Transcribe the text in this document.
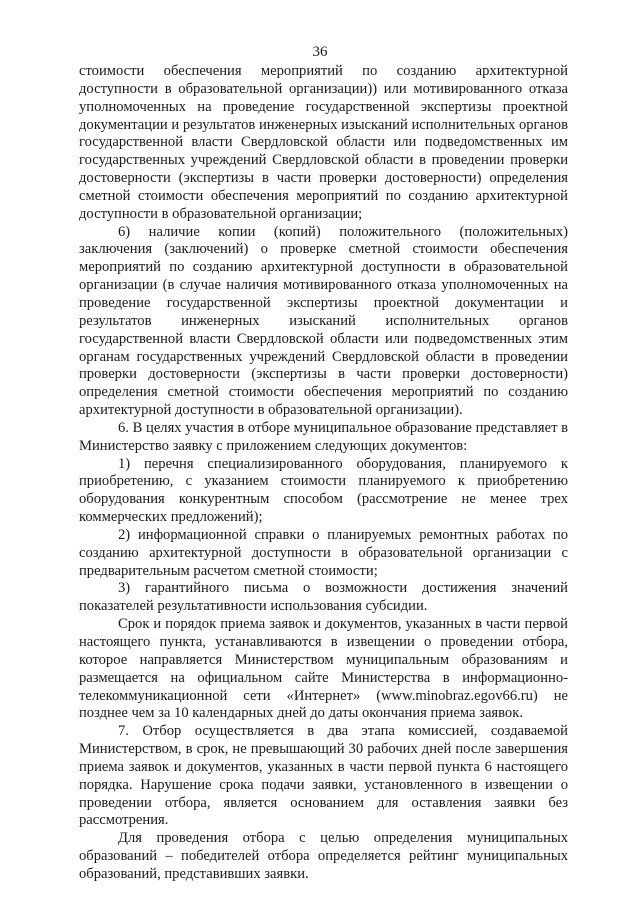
36

стоимости обеспечения мероприятий по созданию архитектурной доступности в образовательной организации)) или мотивированного отказа уполномоченных на проведение государственной экспертизы проектной документации и результатов инженерных изысканий исполнительных органов государственной власти Свердловской области или подведомственных им государственных учреждений Свердловской области в проведении проверки достоверности (экспертизы в части проверки достоверности) определения сметной стоимости обеспечения мероприятий по созданию архитектурной доступности в образовательной организации;

6) наличие копии (копий) положительного (положительных) заключения (заключений) о проверке сметной стоимости обеспечения мероприятий по созданию архитектурной доступности в образовательной организации (в случае наличия мотивированного отказа уполномоченных на проведение государственной экспертизы проектной документации и результатов инженерных изысканий исполнительных органов государственной власти Свердловской области или подведомственных этим органам государственных учреждений Свердловской области в проведении проверки достоверности (экспертизы в части проверки достоверности) определения сметной стоимости обеспечения мероприятий по созданию архитектурной доступности в образовательной организации).

6. В целях участия в отборе муниципальное образование представляет в Министерство заявку с приложением следующих документов:

1) перечня специализированного оборудования, планируемого к приобретению, с указанием стоимости планируемого к приобретению оборудования конкурентным способом (рассмотрение не менее трех коммерческих предложений);

2) информационной справки о планируемых ремонтных работах по созданию архитектурной доступности в образовательной организации с предварительным расчетом сметной стоимости;

3) гарантийного письма о возможности достижения значений показателей результативности использования субсидии.

Срок и порядок приема заявок и документов, указанных в части первой настоящего пункта, устанавливаются в извещении о проведении отбора, которое направляется Министерством муниципальным образованиям и размещается на официальном сайте Министерства в информационно-телекоммуникационной сети «Интернет» (www.minobraz.egov66.ru) не позднее чем за 10 календарных дней до даты окончания приема заявок.

7. Отбор осуществляется в два этапа комиссией, создаваемой Министерством, в срок, не превышающий 30 рабочих дней после завершения приема заявок и документов, указанных в части первой пункта 6 настоящего порядка. Нарушение срока подачи заявки, установленного в извещении о проведении отбора, является основанием для оставления заявки без рассмотрения.

Для проведения отбора с целью определения муниципальных образований – победителей отбора определяется рейтинг муниципальных образований, представивших заявки.
